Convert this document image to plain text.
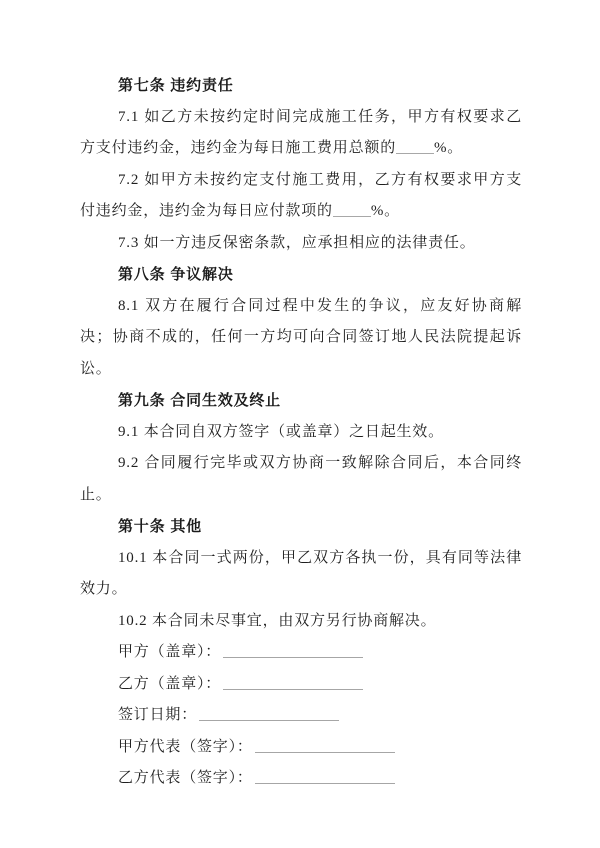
第七条 违约责任

7.1 如乙方未按约定时间完成施工任务，甲方有权要求乙方支付违约金，违约金为每日施工费用总额的	%。

7.2 如甲方未按约定支付施工费用，乙方有权要求甲方支付违约金，违约金为每日应付款项的	%。

7.3 如一方违反保密条款，应承担相应的法律责任。

第八条 争议解决

8.1 双方在履行合同过程中发生的争议，应友好协商解决；协商不成的，任何一方均可向合同签订地人民法院提起诉讼。

第九条 合同生效及终止

9.1 本合同自双方签字（或盖章）之日起生效。

9.2 合同履行完毕或双方协商一致解除合同后，本合同终止。

第十条 其他

10.1 本合同一式两份，甲乙双方各执一份，具有同等法律效力。

10.2 本合同未尽事宜，由双方另行协商解决。

甲方（盖章）：

乙方（盖章）：

签订日期：

甲方代表（签字）：

乙方代表（签字）：
